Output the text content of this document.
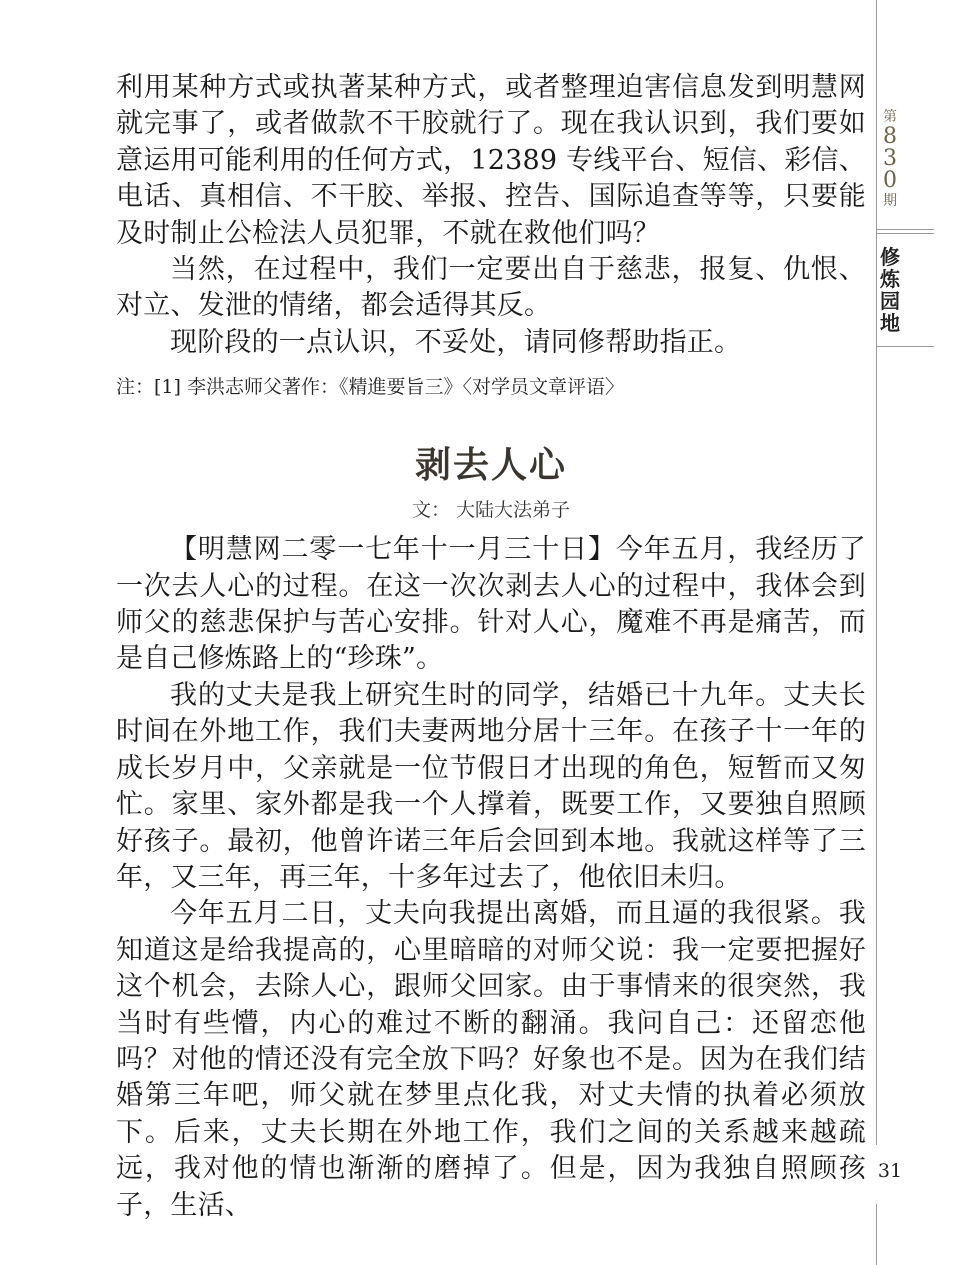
第
8
3
0
期
修
炼
园
地

利用某种方式或执著某种方式，或者整理迫害信息发到明慧网就完事了，或者做款不干胶就行了。现在我认识到，我们要如意运用可能利用的任何方式，12389 专线平台、短信、彩信、电话、真相信、不干胶、举报、控告、国际追查等等，只要能及时制止公检法人员犯罪，不就在救他们吗？

当然，在过程中，我们一定要出自于慈悲，报复、仇恨、对立、发泄的情绪，都会适得其反。

现阶段的一点认识，不妥处，请同修帮助指正。

注：[1] 李洪志师父著作：《精進要旨三》〈对学员文章评语〉

剥去人心
文： 大陆大法弟子

【明慧网二零一七年十一月三十日】今年五月，我经历了一次去人心的过程。在这一次次剥去人心的过程中，我体会到师父的慈悲保护与苦心安排。针对人心，魔难不再是痛苦，而是自己修炼路上的“珍珠”。

我的丈夫是我上研究生时的同学，结婚已十九年。丈夫长时间在外地工作，我们夫妻两地分居十三年。在孩子十一年的成长岁月中，父亲就是一位节假日才出现的角色，短暂而又匆忙。家里、家外都是我一个人撑着，既要工作，又要独自照顾好孩子。最初，他曾许诺三年后会回到本地。我就这样等了三年，又三年，再三年，十多年过去了，他依旧未归。

今年五月二日，丈夫向我提出离婚，而且逼的我很紧。我知道这是给我提高的，心里暗暗的对师父说：我一定要把握好这个机会，去除人心，跟师父回家。由于事情来的很突然，我当时有些懵，内心的难过不断的翻涌。我问自己：还留恋他吗？对他的情还没有完全放下吗？好象也不是。因为在我们结婚第三年吧，师父就在梦里点化我，对丈夫情的执着必须放下。后来，丈夫长期在外地工作，我们之间的关系越来越疏远，我对他的情也渐渐的磨掉了。但是，因为我独自照顾孩子，生活、

31
